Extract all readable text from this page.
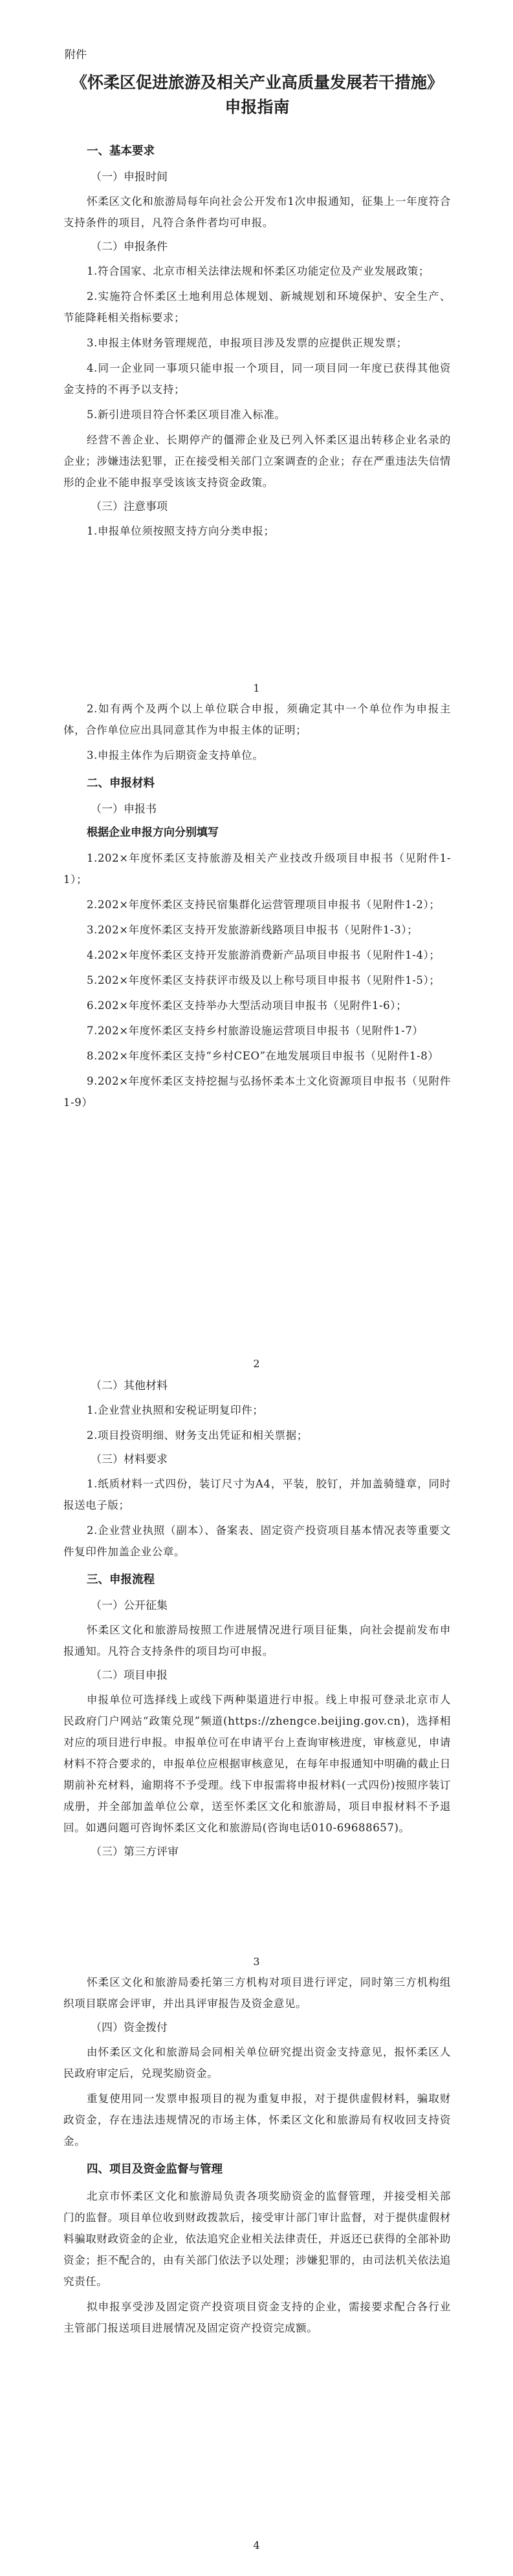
附件
《怀柔区促进旅游及相关产业高质量发展若干措施》申报指南
一、基本要求
（一）申报时间

怀柔区文化和旅游局每年向社会公开发布1次申报通知，征集上一年度符合支持条件的项目，凡符合条件者均可申报。

（二）申报条件

1.符合国家、北京市相关法律法规和怀柔区功能定位及产业发展政策；

2.实施符合怀柔区土地利用总体规划、新城规划和环境保护、安全生产、节能降耗相关指标要求；

3.申报主体财务管理规范，申报项目涉及发票的应提供正规发票；

4.同一企业同一事项只能申报一个项目，同一项目同一年度已获得其他资金支持的不再予以支持；

5.新引进项目符合怀柔区项目准入标准。

经营不善企业、长期停产的僵滞企业及已列入怀柔区退出转移企业名录的企业；涉嫌违法犯罪，正在接受相关部门立案调查的企业；存在严重违法失信情形的企业不能申报享受该该支持资金政策。

（三）注意事项

1.申报单位须按照支持方向分类申报；

1

2.如有两个及两个以上单位联合申报，须确定其中一个单位作为申报主体，合作单位应出具同意其作为申报主体的证明；

3.申报主体作为后期资金支持单位。

二、申报材料
（一）申报书
根据企业申报方向分别填写

1.202×年度怀柔区支持旅游及相关产业技改升级项目申报书（见附件1-1）；

2.202×年度怀柔区支持民宿集群化运营管理项目申报书（见附件1-2）；

3.202×年度怀柔区支持开发旅游新线路项目申报书（见附件1-3）；

4.202×年度怀柔区支持开发旅游消费新产品项目申报书（见附件1-4）；

5.202×年度怀柔区支持获评市级及以上称号项目申报书（见附件1-5）；

6.202×年度怀柔区支持举办大型活动项目申报书（见附件1-6）；

7.202×年度怀柔区支持乡村旅游设施运营项目申报书（见附件1-7）

8.202×年度怀柔区支持“乡村CEO”在地发展项目申报书（见附件1-8）

9.202×年度怀柔区支持挖掘与弘扬怀柔本土文化资源项目申报书（见附件1-9）

2
（二）其他材料

1.企业营业执照和安税证明复印件；

2.项目投资明细、财务支出凭证和相关票据；

（三）材料要求

1.纸质材料一式四份，装订尺寸为A4，平装，胶钉，并加盖骑缝章，同时报送电子版；

2.企业营业执照（副本）、备案表、固定资产投资项目基本情况表等重要文件复印件加盖企业公章。

三、申报流程
（一）公开征集

怀柔区文化和旅游局按照工作进展情况进行项目征集，向社会提前发布申报通知。凡符合支持条件的项目均可申报。

（二）项目申报

申报单位可选择线上或线下两种渠道进行申报。线上申报可登录北京市人民政府门户网站“政策兑现”频道(https://zhengce.beijing.gov.cn)，选择相对应的项目进行申报。申报单位可在申请平台上查询审核进度，审核意见，申请材料不符合要求的，申报单位应根据审核意见，在每年申报通知中明确的截止日期前补充材料，逾期将不予受理。线下申报需将申报材料(一式四份)按照序装订成册，并全部加盖单位公章，送至怀柔区文化和旅游局，项目申报材料不予退回。如遇问题可咨询怀柔区文化和旅游局(咨询电话010-69688657)。

（三）第三方评审
3

怀柔区文化和旅游局委托第三方机构对项目进行评定，同时第三方机构组织项目联席会评审，并出具评审报告及资金意见。

（四）资金拨付

由怀柔区文化和旅游局会同相关单位研究提出资金支持意见，报怀柔区人民政府审定后，兑现奖励资金。

重复使用同一发票申报项目的视为重复申报，对于提供虚假材料，骗取财政资金，存在违法违规情况的市场主体，怀柔区文化和旅游局有权收回支持资金。

四、项目及资金监督与管理

北京市怀柔区文化和旅游局负责各项奖励资金的监督管理，并接受相关部门的监督。项目单位收到财政拨款后，接受审计部门审计监督，对于提供虚假材料骗取财政资金的企业，依法追究企业相关法律责任，并返还已获得的全部补助资金；拒不配合的，由有关部门依法予以处理；涉嫌犯罪的，由司法机关依法追究责任。

拟申报享受涉及固定资产投资项目资金支持的企业，需接要求配合各行业主管部门报送项目进展情况及固定资产投资完成额。

4
